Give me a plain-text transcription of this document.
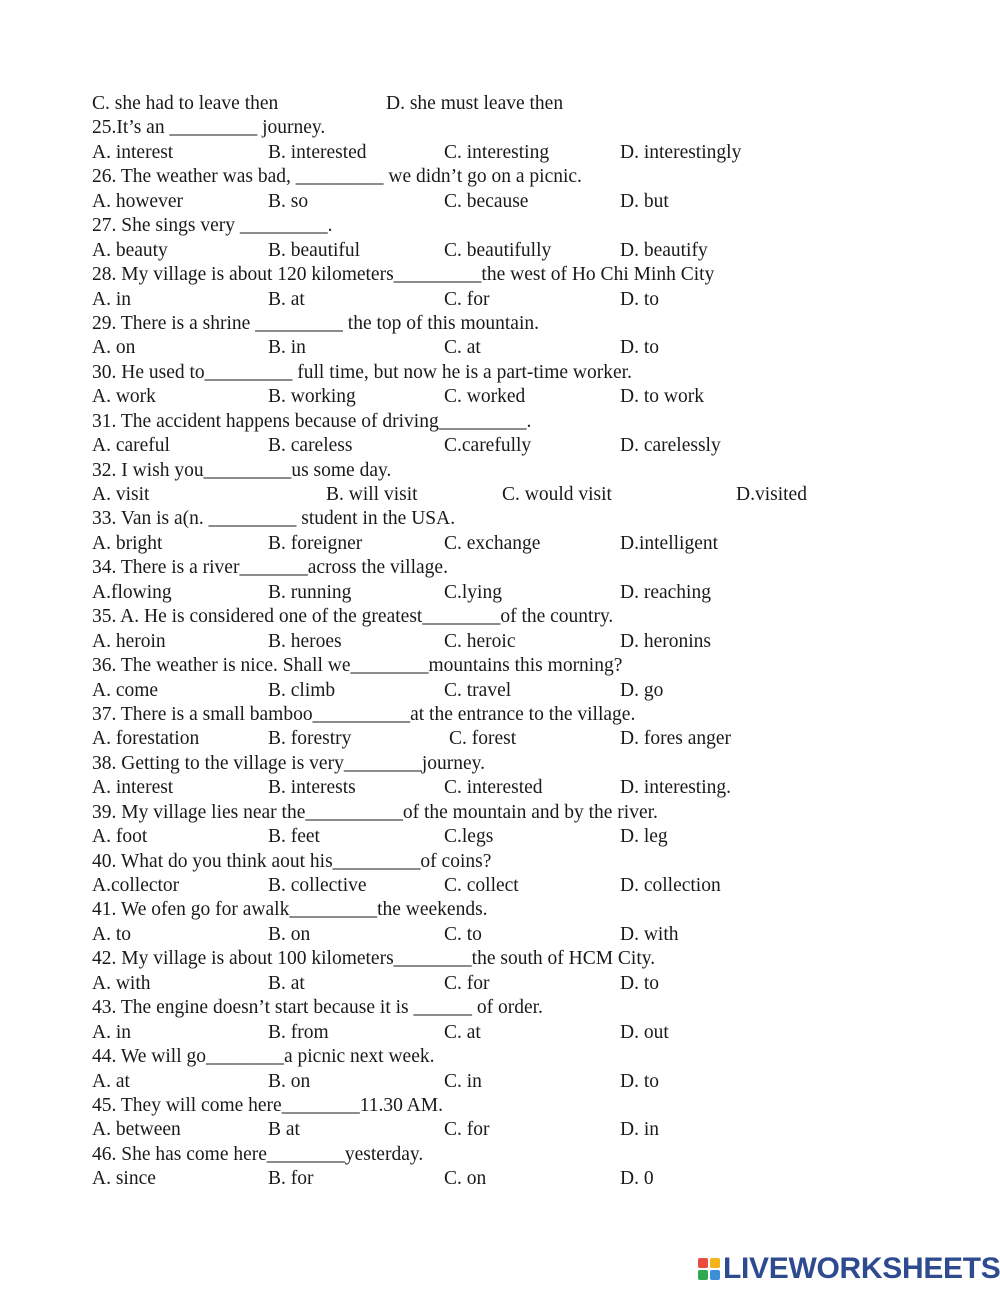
C. she had to leave then	D. she must leave then
25.It’s an _________ journey.
A. interest	B. interested	C. interesting	D. interestingly
26. The weather was bad, _________ we didn’t go on a picnic.
A. however	B. so	C. because	D. but
27. She sings very _________.
A. beauty	B. beautiful	C. beautifully	D. beautify
28. My village is about 120 kilometers_________the west of Ho Chi Minh City
A. in	B. at	C. for	D. to
29. There is a shrine _________ the top of this mountain.
A. on	B. in	C. at	D. to
30. He used to_________ full time, but now he is a part-time worker.
A. work	B. working	C. worked	D. to work
31. The accident happens because of driving_________.
A. careful	B. careless	C.carefully	D. carelessly
32. I wish you_________us some day.
A. visit	B. will visit	C. would visit	D.visited
33. Van is a(n. _________ student in the USA.
A. bright	B. foreigner	C. exchange	D.intelligent
34. There is a river_______across the village.
A.flowing	B. running	C.lying	D. reaching
35. A. He is considered one of the greatest________of the country.
A. heroin	B. heroes	C. heroic	D. heronins
36. The weather is nice. Shall we________mountains this morning?
A. come	B. climb	C. travel	D. go
37. There is a small bamboo__________at the entrance to the village.
A. forestation	B. forestry	C. forest	D. fores anger
38. Getting to the village is very________journey.
A. interest	B. interests	C. interested	D. interesting.
39. My village lies near the__________of the mountain and by the river.
A. foot	B. feet	C.legs	D. leg
40. What do you think aout his_________of coins?
A.collector	B. collective	C. collect	D. collection
41. We ofen go for awalk_________the weekends.
A. to	B. on	C. to	D. with
42. My village is about 100 kilometers________the south of HCM City.
A. with	B. at	C. for	D. to
43. The engine doesn’t start because it is ______ of order.
A. in	B. from	C. at	D. out
44. We will go________a picnic next week.
A. at	B. on	C. in	D. to
45. They will come here________11.30 AM.
A. between	B at	C. for	D. in
46. She has come here________yesterday.
A. since	B. for	C. on	D. 0
LIVEWORKSHEETS
